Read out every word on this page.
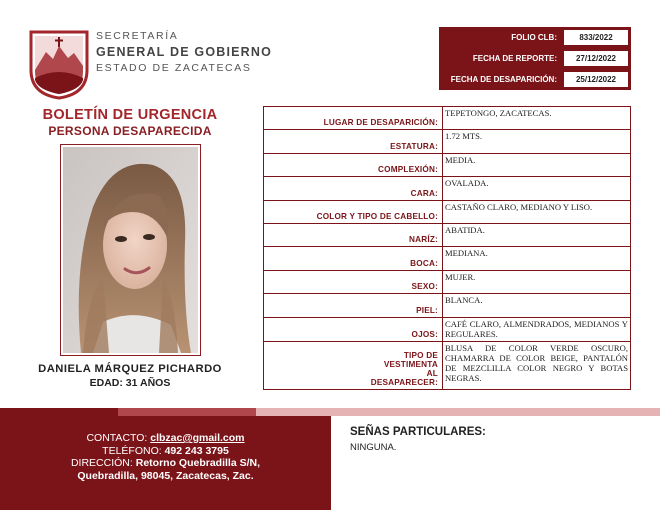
SECRETARÍA
GENERAL DE GOBIERNO
ESTADO DE ZACATECAS
FOLIO CLB:	833/2022
FECHA DE REPORTE:	27/12/2022
FECHA DE DESAPARICIÓN:	25/12/2022
BOLETÍN DE URGENCIA
PERSONA DESAPARECIDA
DANIELA MÁRQUEZ PICHARDO
EDAD: 31 AÑOS
LUGAR DE DESAPARICIÓN:
TEPETONGO, ZACATECAS.
ESTATURA:
1.72 MTS.
COMPLEXIÓN:
MEDIA.
CARA:
OVALADA.
COLOR Y TIPO DE CABELLO:
CASTAÑO CLARO, MEDIANO Y LISO.
NARÍZ:
ABATIDA.
BOCA:
MEDIANA.
SEXO:
MUJER.
PIEL:
BLANCA.
OJOS:
CAFÉ CLARO, ALMENDRADOS, MEDIANOS Y REGULARES.
TIPO DE VESTIMENTA AL DESAPARECER:
BLUSA DE COLOR VERDE OSCURO, CHAMARRA DE COLOR BEIGE, PANTALÓN DE MEZCLILLA COLOR NEGRO Y BOTAS NEGRAS.
CONTACTO: clbzac@gmail.com
TELÉFONO: 492 243 3795
DIRECCIÓN: Retorno Quebradilla S/N,
Quebradilla, 98045, Zacatecas, Zac.
SEÑAS PARTICULARES:
NINGUNA.
